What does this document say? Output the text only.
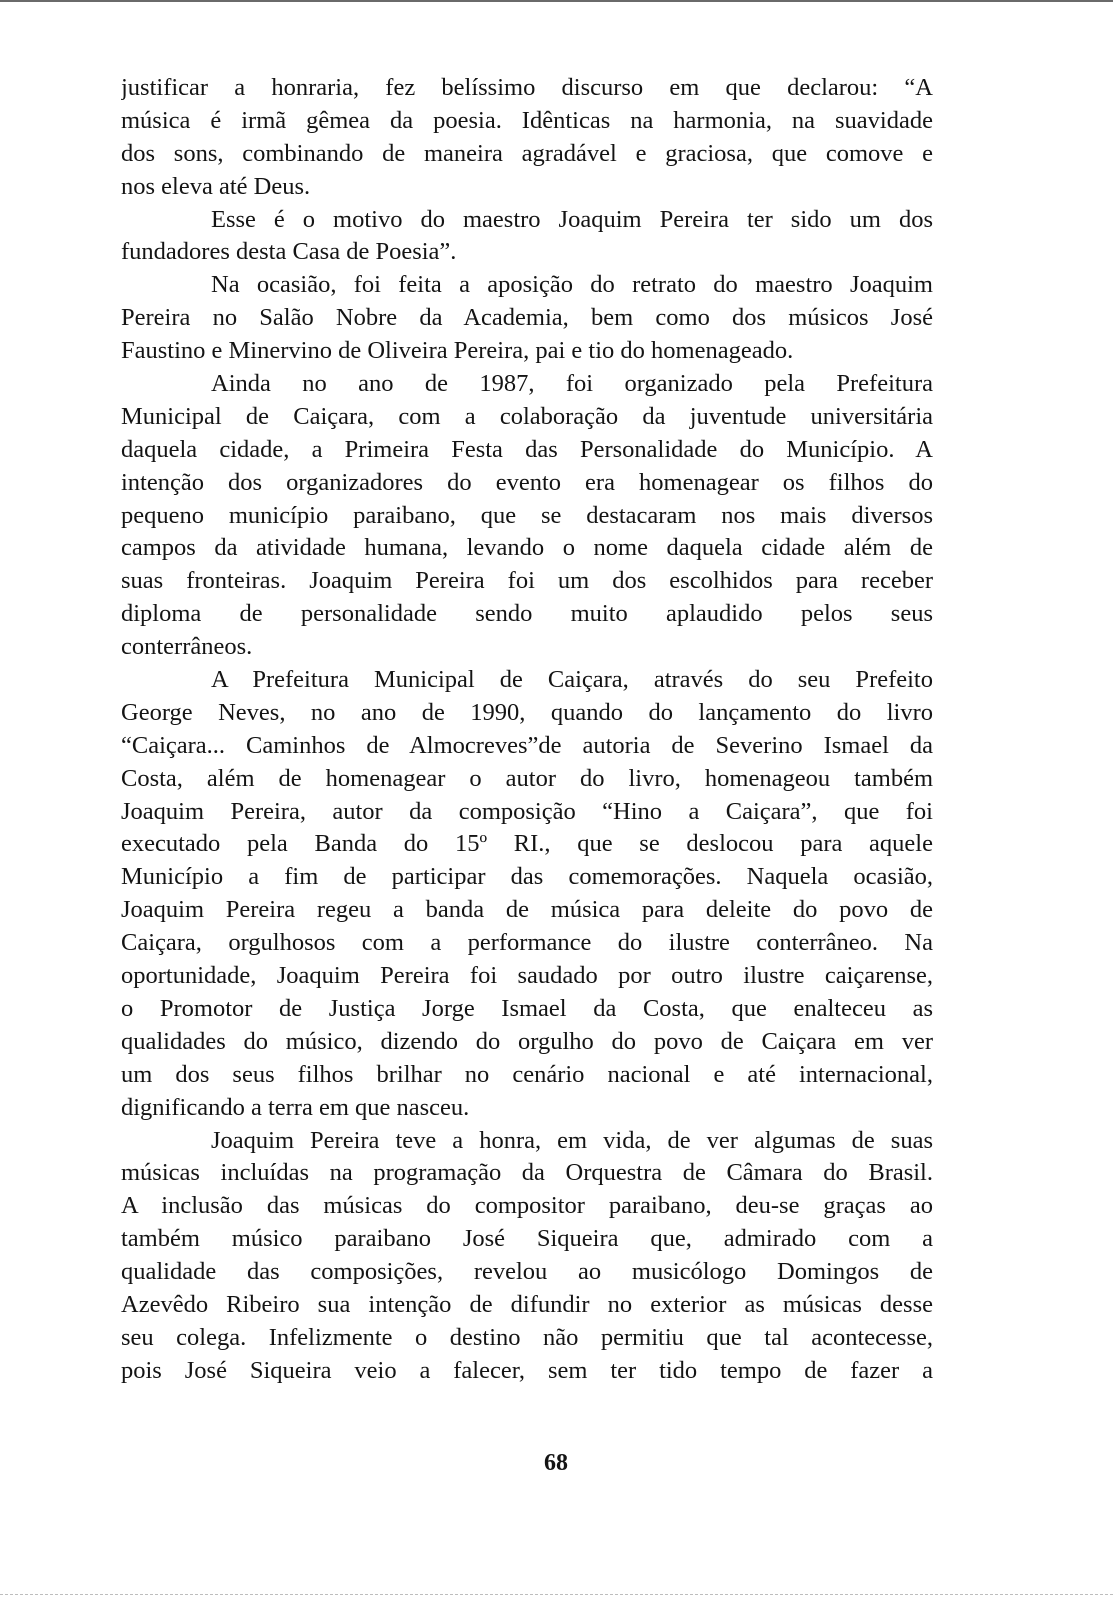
justificar a honraria, fez belíssimo discurso em que declarou: “A
música é irmã gêmea da poesia. Idênticas na harmonia, na suavidade
dos sons, combinando de maneira agradável e graciosa, que comove e
nos eleva até Deus.
Esse é o motivo do maestro Joaquim Pereira ter sido um dos
fundadores desta Casa de Poesia”.
Na ocasião, foi feita a aposição do retrato do maestro Joaquim
Pereira no Salão Nobre da Academia, bem como dos músicos José
Faustino e Minervino de Oliveira Pereira, pai e tio do homenageado.
Ainda no ano de 1987, foi organizado pela Prefeitura
Municipal de Caiçara, com a colaboração da juventude universitária
daquela cidade, a Primeira Festa das Personalidade do Município. A
intenção dos organizadores do evento era homenagear os filhos do
pequeno município paraibano, que se destacaram nos mais diversos
campos da atividade humana, levando o nome daquela cidade além de
suas fronteiras. Joaquim Pereira foi um dos escolhidos para receber
diploma de personalidade sendo muito aplaudido pelos seus
conterrâneos.
A Prefeitura Municipal de Caiçara, através do seu Prefeito
George Neves, no ano de 1990, quando do lançamento do livro
“Caiçara... Caminhos de Almocreves”de autoria de Severino Ismael da
Costa, além de homenagear o autor do livro, homenageou também
Joaquim Pereira, autor da composição “Hino a Caiçara”, que foi
executado pela Banda do 15º RI., que se deslocou para aquele
Município a fim de participar das comemorações. Naquela ocasião,
Joaquim Pereira regeu a banda de música para deleite do povo de
Caiçara, orgulhosos com a performance do ilustre conterrâneo. Na
oportunidade, Joaquim Pereira foi saudado por outro ilustre caiçarense,
o Promotor de Justiça Jorge Ismael da Costa, que enalteceu as
qualidades do músico, dizendo do orgulho do povo de Caiçara em ver
um dos seus filhos brilhar no cenário nacional e até internacional,
dignificando a terra em que nasceu.
Joaquim Pereira teve a honra, em vida, de ver algumas de suas
músicas incluídas na programação da Orquestra de Câmara do Brasil.
A inclusão das músicas do compositor paraibano, deu-se graças ao
também músico paraibano José Siqueira que, admirado com a
qualidade das composições, revelou ao musicólogo Domingos de
Azevêdo Ribeiro sua intenção de difundir no exterior as músicas desse
seu colega. Infelizmente o destino não permitiu que tal acontecesse,
pois José Siqueira veio a falecer, sem ter tido tempo de fazer a
68
